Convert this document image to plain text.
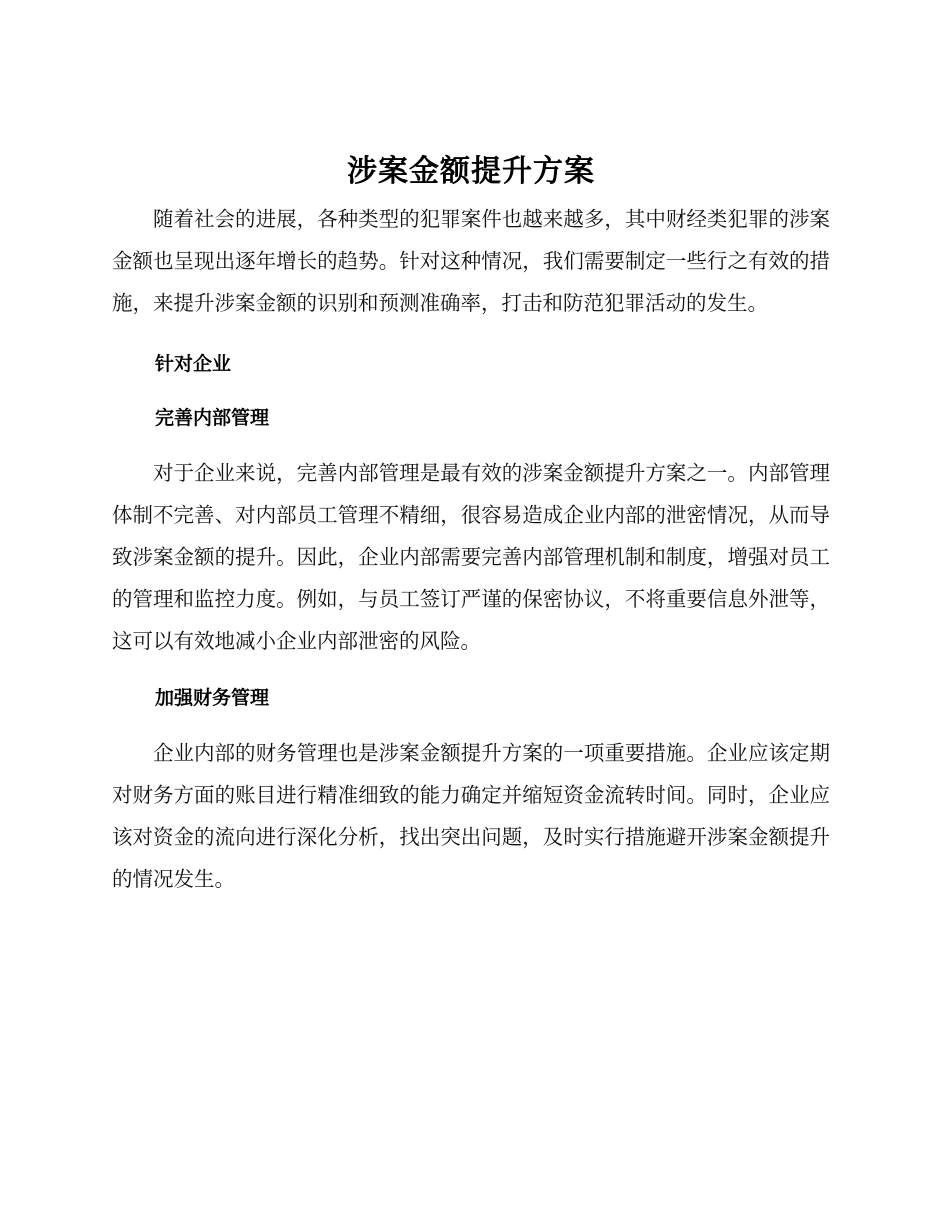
涉案金额提升方案

随着社会的进展，各种类型的犯罪案件也越来越多，其中财经类犯罪的涉案金额也呈现出逐年增长的趋势。针对这种情况，我们需要制定一些行之有效的措施，来提升涉案金额的识别和预测准确率，打击和防范犯罪活动的发生。

针对企业
完善内部管理

对于企业来说，完善内部管理是最有效的涉案金额提升方案之一。内部管理体制不完善、对内部员工管理不精细，很容易造成企业内部的泄密情况，从而导致涉案金额的提升。因此，企业内部需要完善内部管理机制和制度，增强对员工的管理和监控力度。例如，与员工签订严谨的保密协议，不将重要信息外泄等，这可以有效地减小企业内部泄密的风险。

加强财务管理

企业内部的财务管理也是涉案金额提升方案的一项重要措施。企业应该定期对财务方面的账目进行精准细致的能力确定并缩短资金流转时间。同时，企业应该对资金的流向进行深化分析，找出突出问题，及时实行措施避开涉案金额提升的情况发生。
